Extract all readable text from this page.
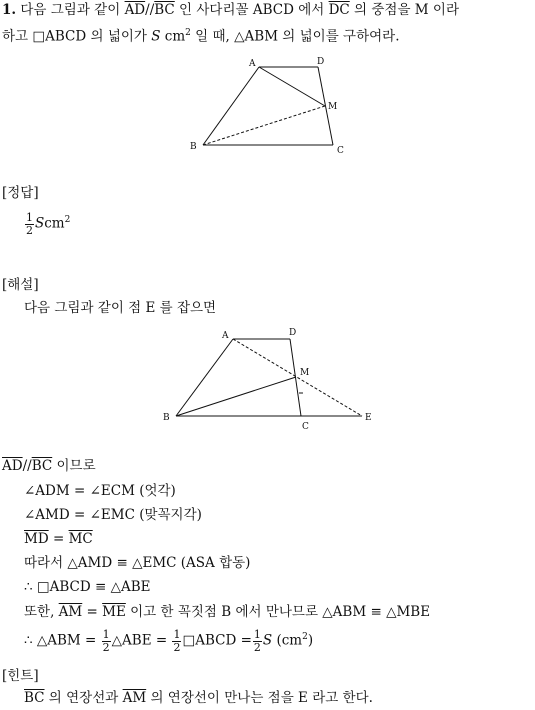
1. 다음 그림과 같이 $\overline{AD}//\overline{BC}$ 인 사다리꼴 ABCD 에서 $\overline{DC}$ 의 중점을 M 이라
하고 □ABCD 의 넓이가 S $cm^2$ 일 때, △ABM 의 넓이를 구하여라.
A	D
M
B	C
[정답]
$\frac{1}{2} Scm^2$
[해설]
다음 그림과 같이 점 E 를 잡으면
A	D
M
B
C
E
$\overline{AD}//\overline{BC}$ 이므로
∠ADM = ∠ECM (엇각)
∠AMD = ∠EMC (맞꼭지각)
$\overline{MD} = \overline{MC}$
따라서 △AMD ≡ △EMC (ASA 합동)
∴ □ABCD ≡ △ABE
또한, $\overline{AM} = \overline{ME}$ 이고 한 꼭짓점 B 에서 만나므로 △ABM ≡ △MBE
∴ △ABM = $\frac{1}{2}$ △ABE = $\frac{1}{2}$ □ABCD = $\frac{1}{2}$ S $(cm^2)$
[힌트]
$\overline{BC}$ 의 연장선과 $\overline{AM}$ 의 연장선이 만나는 점을 E 라고 한다.
